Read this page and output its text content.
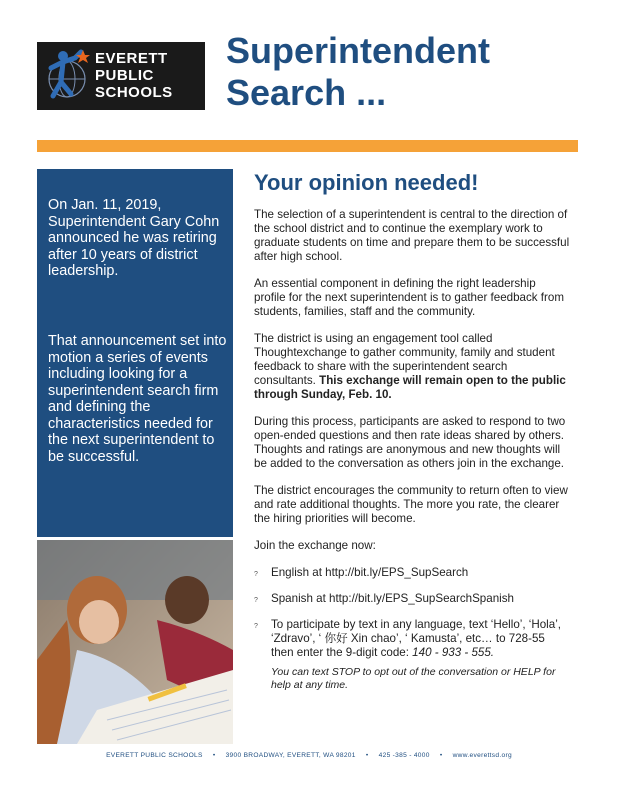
EVERETT
PUBLIC
SCHOOLS
Superintendent
Search ...

On Jan. 11, 2019, Superintendent Gary Cohn announced he was retiring after 10 years of district leadership.

That announcement set into motion a series of events including looking for a superintendent search firm and defining the characteristics needed for the next superintendent to be successful.

Your opinion needed!

The selection of a superintendent is central to the direction of the school district and to continue the exemplary work to graduate students on time and prepare them to be successful after high school.

An essential component in defining the right leadership profile for the next superintendent is to gather feedback from students, families, staff and the community.

The district is using an engagement tool called Thoughtexchange to gather community, family and student feedback to share with the superintendent search consultants. This exchange will remain open to the public through Sunday, Feb. 10.

During this process, participants are asked to respond to two open-ended questions and then rate ideas shared by others. Thoughts and ratings are anonymous and new thoughts will be added to the conversation as others join in the exchange.

The district encourages the community to return often to view and rate additional thoughts. The more you rate, the clearer the hiring priorities will become.

Join the exchange now:

? English at http://bit.ly/EPS_SupSearch
? Spanish at http://bit.ly/EPS_SupSearchSpanish
? To participate by text in any language, text ‘Hello’, ‘Hola’, ‘Zdravo’, ‘ 你好 Xin chao’, ‘ Kamusta’, etc… to 728-55 then enter the 9-digit code: 140 - 933 - 555.
You can text STOP to opt out of the conversation or HELP for help at any time.
EVERETT PUBLIC SCHOOLS • 3900 BROADWAY, EVERETT, WA 98201 • 425 -385 - 4000 • www.everettsd.org
